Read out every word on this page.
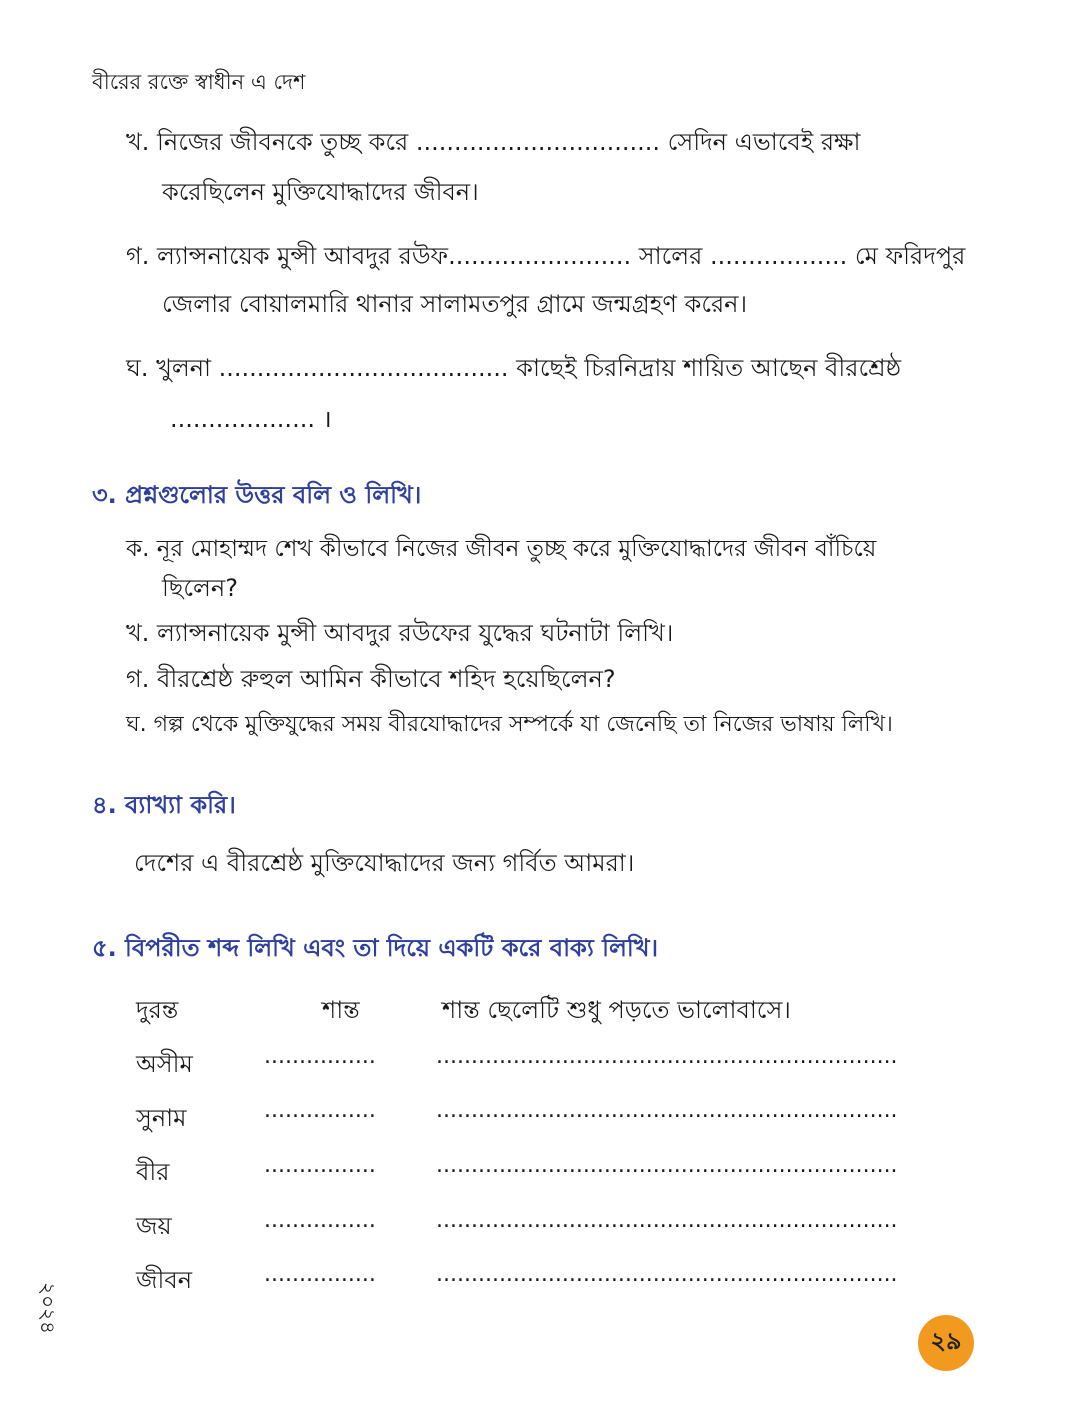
বীরের রক্তে স্বাধীন এ দেশ
খ. নিজের জীবনকে তুচ্ছ করে ................................ সেদিন এভাবেই রক্ষা
করেছিলেন মুক্তিযোদ্ধাদের জীবন।
গ. ল্যান্সনায়েক মুন্সী আবদুর রউফ........................ সালের .................. মে ফরিদপুর
জেলার বোয়ালমারি থানার সালামতপুর গ্রামে জন্মগ্রহণ করেন।
ঘ. খুলনা ...................................... কাছেই চিরনিদ্রায় শায়িত আছেন বীরশ্রেষ্ঠ
................... ।
৩. প্রশ্নগুলোর উত্তর বলি ও লিখি।
ক. নূর মোহাম্মদ শেখ কীভাবে নিজের জীবন তুচ্ছ করে মুক্তিযোদ্ধাদের জীবন বাঁচিয়ে
ছিলেন?
খ. ল্যান্সনায়েক মুন্সী আবদুর রউফের যুদ্ধের ঘটনাটা লিখি।
গ. বীরশ্রেষ্ঠ রুহুল আমিন কীভাবে শহিদ হয়েছিলেন?
ঘ. গল্প থেকে মুক্তিযুদ্ধের সময় বীরযোদ্ধাদের সম্পর্কে যা জেনেছি তা নিজের ভাষায় লিখি।
৪. ব্যাখ্যা করি।
দেশের এ বীরশ্রেষ্ঠ মুক্তিযোদ্ধাদের জন্য গর্বিত আমরা।
৫. বিপরীত শব্দ লিখি এবং তা দিয়ে একটি করে বাক্য লিখি।
দুরন্ত	শান্ত	শান্ত ছেলেটি শুধু পড়তে ভালোবাসে।
অসীম	................	..................................................................
সুনাম	................	..................................................................
বীর	................	..................................................................
জয়	................	..................................................................
জীবন	................	..................................................................
২০২৪
২৯
